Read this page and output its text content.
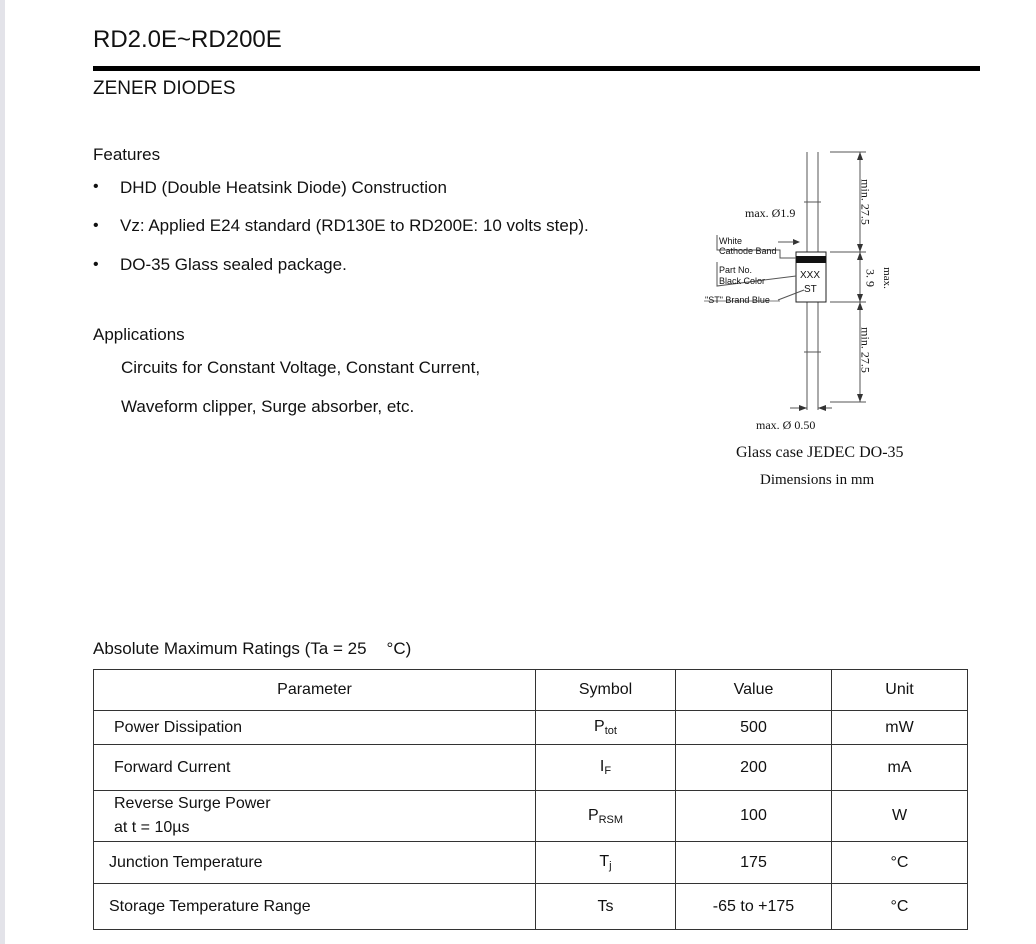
RD2.0E~RD200E
ZENER DIODES
Features
• DHD (Double Heatsink Diode) Construction
• Vz: Applied E24 standard (RD130E to RD200E: 10 volts step).
• DO-35 Glass sealed package.
Applications
Circuits for Constant Voltage, Constant Current,
Waveform clipper, Surge absorber, etc.
max. Ø1.9
White
Cathode Band
Part No.
Black Color	XXX
ST
"ST" Brand Blue
min. 27.5
3. 9 max.
min. 27.5
max. Ø 0.50
Glass case JEDEC DO-35
Dimensions in mm
Absolute Maximum Ratings (Ta = 25 °C)
Parameter	Symbol	Value	Unit
Power Dissipation	$P_{tot}$	500	mW
Forward Current	$I_F$	200	mA

Reverse Surge Power
at t = 10µs	$P_{RSM}$	100	W
Junction Temperature	$T_j$	175	°C
Storage Temperature Range	Ts	-65 to +175	°C
